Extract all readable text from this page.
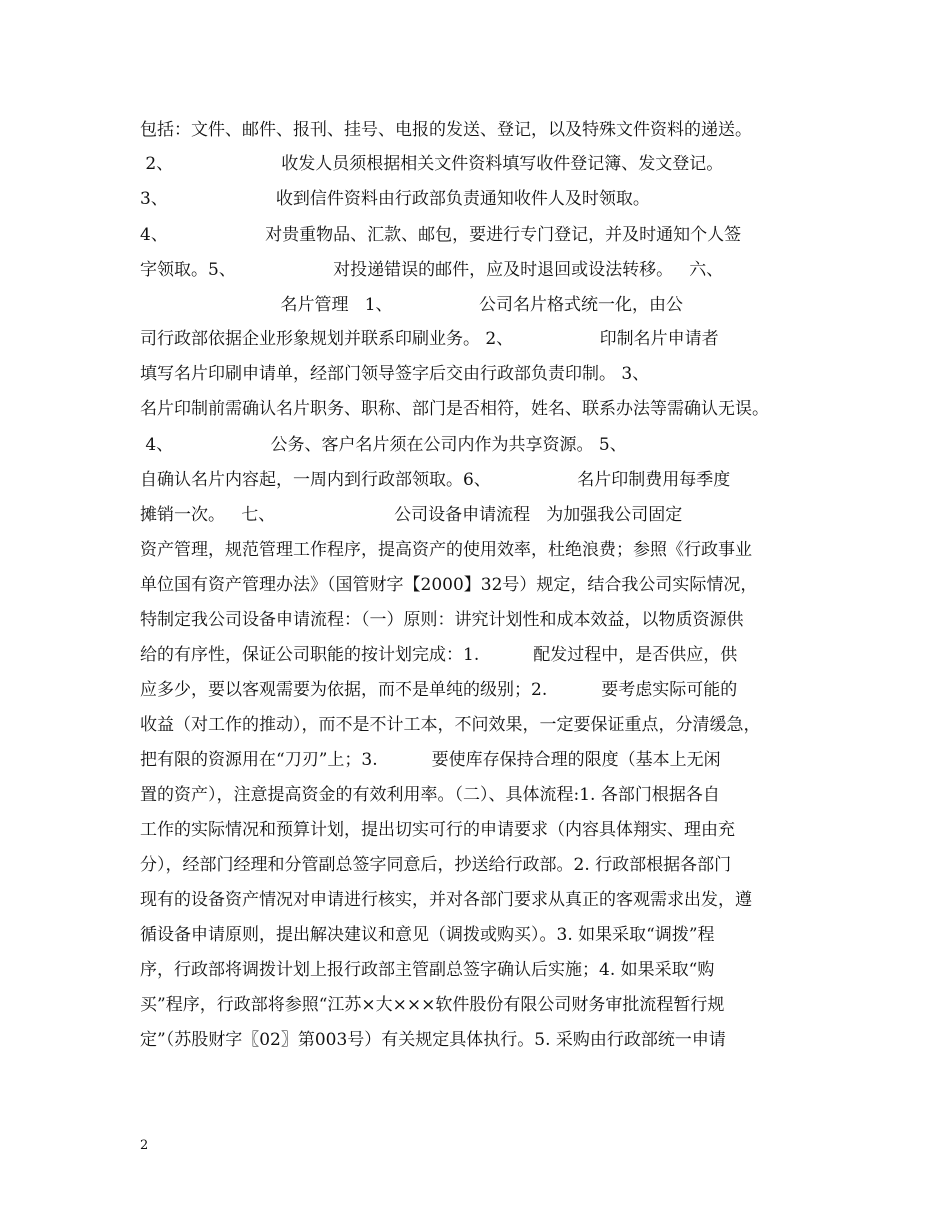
包括：文件、邮件、报刊、挂号、电报的发送、登记，以及特殊文件资料的递送。
2、                    收发人员须根据相关文件资料填写收件登记簿、发文登记。
3、                    收到信件资料由行政部负责通知收件人及时领取。
4、                  对贵重物品、汇款、邮包，要进行专门登记，并及时通知个人签
字领取。5、                  对投递错误的邮件，应及时退回或设法转移。   六、
名片管理   1、                公司名片格式统一化，由公
司行政部依据企业形象规划并联系印刷业务。 2、                印制名片申请者
填写名片印刷申请单，经部门领导签字后交由行政部负责印制。 3、
名片印制前需确认名片职务、职称、部门是否相符，姓名、联系办法等需确认无误。
4、                  公务、客户名片须在公司内作为共享资源。 5、
自确认名片内容起，一周内到行政部领取。6、                名片印制费用每季度
摊销一次。   七、                      公司设备申请流程   为加强我公司固定
资产管理，规范管理工作程序，提高资产的使用效率，杜绝浪费；参照《行政事业
单位国有资产管理办法》（国管财字【2000】32号）规定，结合我公司实际情况，
特制定我公司设备申请流程：（一）原则：讲究计划性和成本效益，以物质资源供
给的有序性，保证公司职能的按计划完成：1.          配发过程中，是否供应，供
应多少，要以客观需要为依据，而不是单纯的级别；2.          要考虑实际可能的
收益（对工作的推动），而不是不计工本，不问效果，一定要保证重点，分清缓急，
把有限的资源用在“刀刃”上；3.          要使库存保持合理的限度（基本上无闲
置的资产），注意提高资金的有效利用率。（二）、具体流程:1. 各部门根据各自
工作的实际情况和预算计划，提出切实可行的申请要求（内容具体翔实、理由充
分），经部门经理和分管副总签字同意后，抄送给行政部。2. 行政部根据各部门
现有的设备资产情况对申请进行核实，并对各部门要求从真正的客观需求出发，遵
循设备申请原则，提出解决建议和意见（调拨或购买）。3. 如果采取“调拨”程
序，行政部将调拨计划上报行政部主管副总签字确认后实施；4. 如果采取“购
买”程序，行政部将参照“江苏×大×××软件股份有限公司财务审批流程暂行规
定”（苏股财字〖02〗第003号）有关规定具体执行。5. 采购由行政部统一申请
2
